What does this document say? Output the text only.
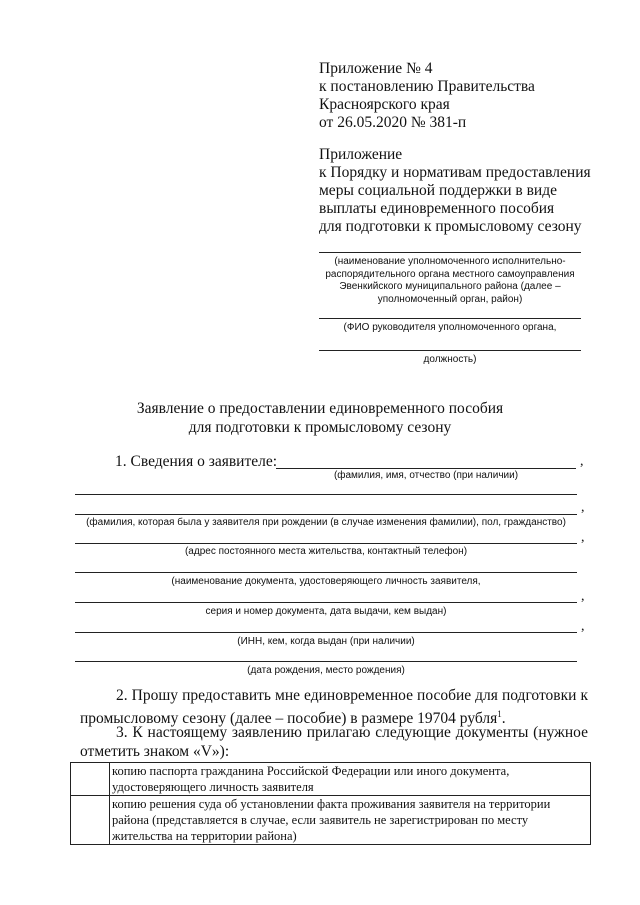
Приложение № 4
к постановлению Правительства
Красноярского края
от 26.05.2020 № 381-п
Приложение
к Порядку и нормативам предоставления
меры социальной поддержки в виде
выплаты единовременного пособия
для подготовки к промысловому сезону
(наименование уполномоченного исполнительно-
распорядительного органа местного самоуправления
Эвенкийского муниципального района (далее –
уполномоченный орган, район)
(ФИО руководителя уполномоченного органа,
должность)
Заявление о предоставлении единовременного пособия
для подготовки к промысловому сезону
1. Сведения о заявителе:	,
(фамилия, имя, отчество (при наличии)
,
(фамилия, которая была у заявителя при рождении (в случае изменения фамилии), пол, гражданство)
,
(адрес постоянного места жительства, контактный телефон)
(наименование документа, удостоверяющего личность заявителя,
,
серия и номер документа, дата выдачи, кем выдан)
,
(ИНН, кем, когда выдан (при наличии)
(дата рождения, место рождения)
2. Прошу предоставить мне единовременное пособие для подготовки к промысловому сезону (далее – пособие) в размере 19704 рубля$^1$.
3. К настоящему заявлению прилагаю следующие документы (нужное отметить знаком «V»):
	копию паспорта гражданина Российской Федерации или иного документа, удостоверяющего личность заявителя
	копию решения суда об установлении факта проживания заявителя на территории района (представляется в случае, если заявитель не зарегистрирован по месту жительства на территории района)
